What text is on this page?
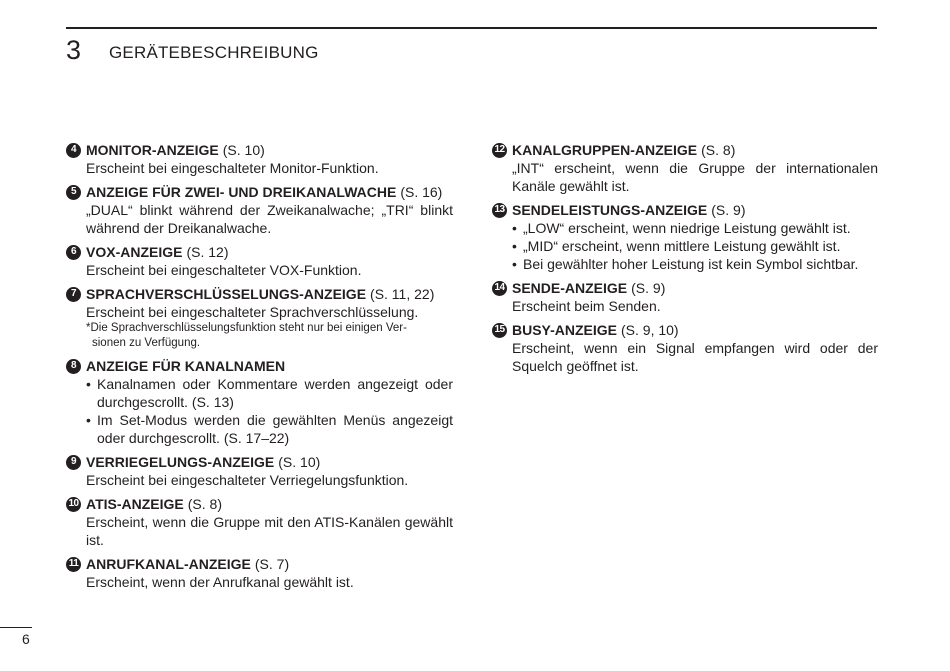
3 GERÄTEBESCHREIBUNG
4 MONITOR-ANZEIGE (S. 10)
Erscheint bei eingeschalteter Monitor-Funktion.
5 ANZEIGE FÜR ZWEI- UND DREIKANALWACHE (S. 16)
„DUAL“ blinkt während der Zweikanalwache; „TRI“ blinkt während der Dreikanalwache.
6 VOX-ANZEIGE (S. 12)
Erscheint bei eingeschalteter VOX-Funktion.
7 SPRACHVERSCHLÜSSELUNGS-ANZEIGE (S. 11, 22)
Erscheint bei eingeschalteter Sprachverschlüsselung.
*Die Sprachverschlüsselungsfunktion steht nur bei einigen Ver-
sionen zu Verfügung.
8 ANZEIGE FÜR KANALNAMEN
• Kanalnamen oder Kommentare werden angezeigt oder durchgescrollt. (S. 13)
• Im Set-Modus werden die gewählten Menüs angezeigt oder durchgescrollt. (S. 17–22)
9 VERRIEGELUNGS-ANZEIGE (S. 10)
Erscheint bei eingeschalteter Verriegelungsfunktion.
10 ATIS-ANZEIGE (S. 8)
Erscheint, wenn die Gruppe mit den ATIS-Kanälen gewählt ist.
11 ANRUFKANAL-ANZEIGE (S. 7)
Erscheint, wenn der Anrufkanal gewählt ist.
12 KANALGRUPPEN-ANZEIGE (S. 8)
„INT“ erscheint, wenn die Gruppe der internationalen Kanäle gewählt ist.
13 SENDELEISTUNGS-ANZEIGE (S. 9)
• „LOW“ erscheint, wenn niedrige Leistung gewählt ist.
• „MID“ erscheint, wenn mittlere Leistung gewählt ist.
• Bei gewählter hoher Leistung ist kein Symbol sichtbar.
14 SENDE-ANZEIGE (S. 9)
Erscheint beim Senden.
15 BUSY-ANZEIGE (S. 9, 10)
Erscheint, wenn ein Signal empfangen wird oder der Squelch geöffnet ist.
6
